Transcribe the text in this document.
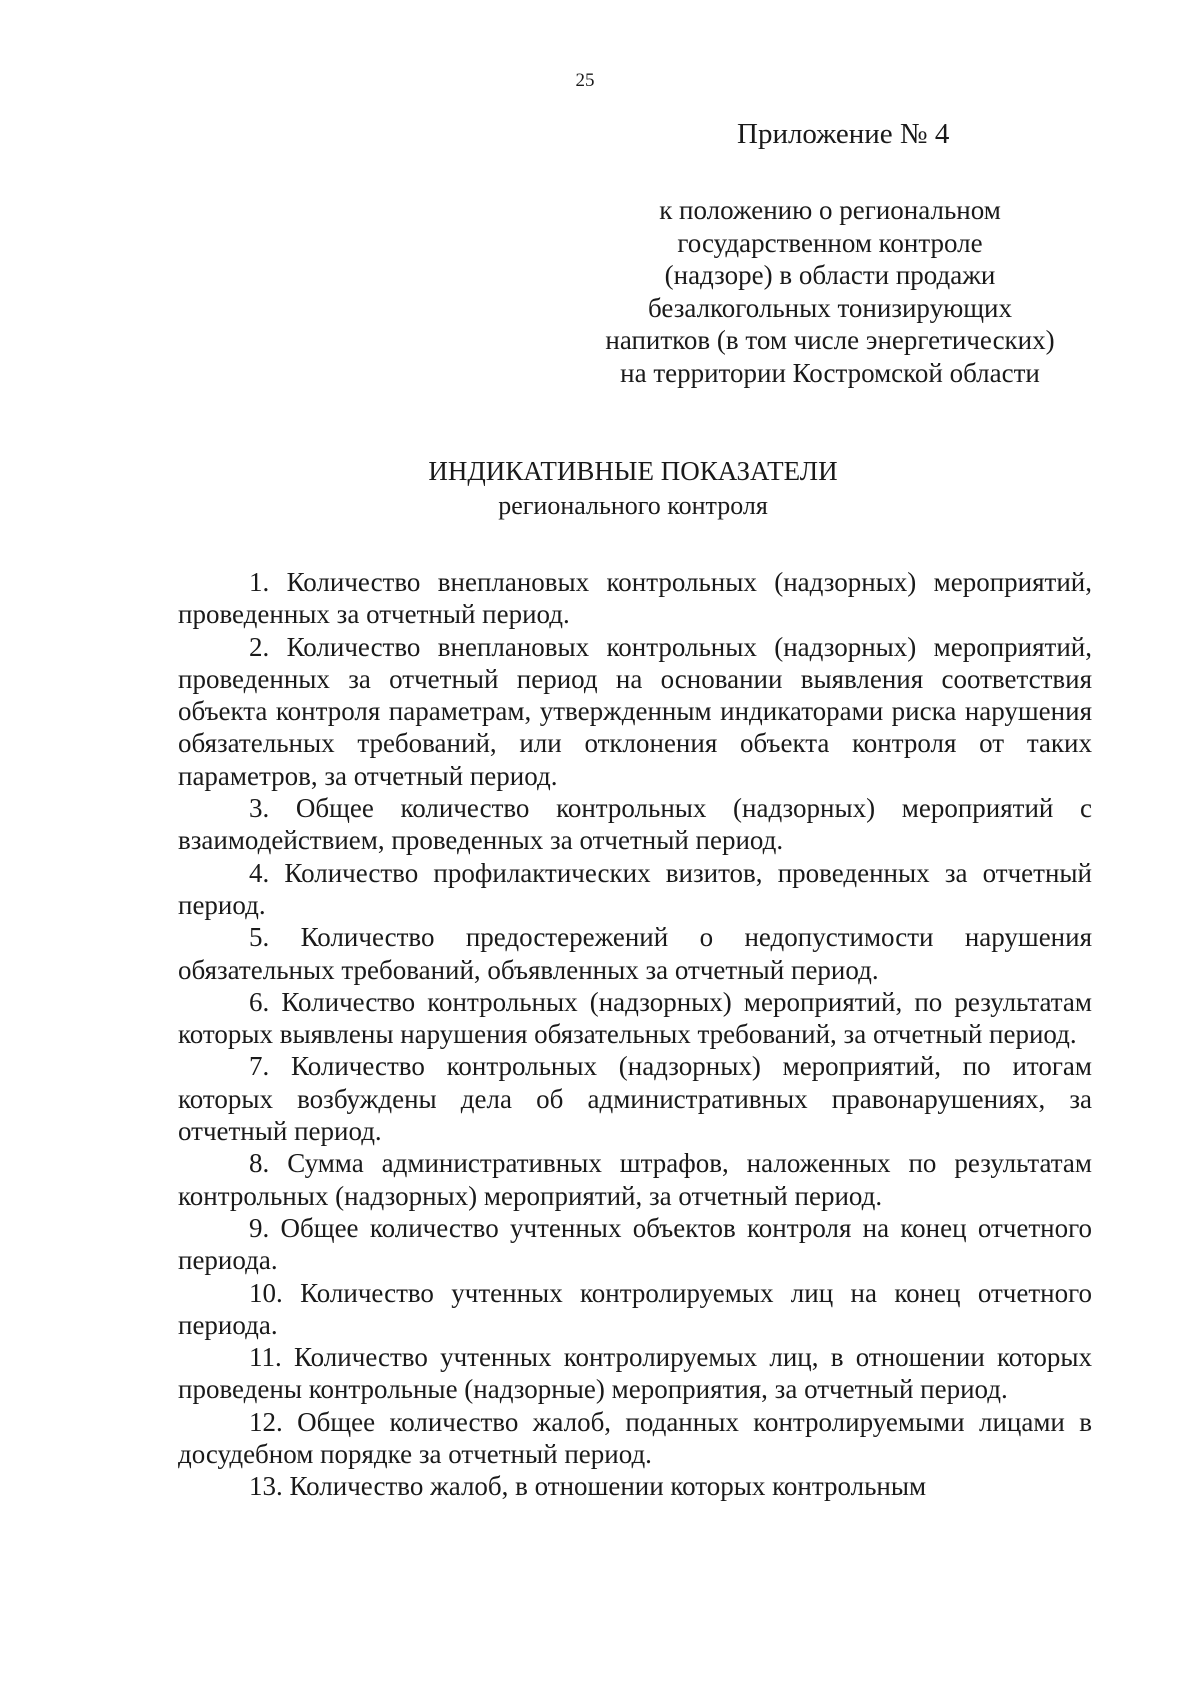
25
Приложение № 4
к положению о региональном
государственном контроле
(надзоре) в области продажи
безалкогольных тонизирующих
напитков (в том числе энергетических)
на территории Костромской области
ИНДИКАТИВНЫЕ ПОКАЗАТЕЛИ
регионального контроля

1. Количество внеплановых контрольных (надзорных) мероприятий, проведенных за отчетный период.

2. Количество внеплановых контрольных (надзорных) мероприятий, проведенных за отчетный период на основании выявления соответствия объекта контроля параметрам, утвержденным индикаторами риска нарушения обязательных требований, или отклонения объекта контроля от таких параметров, за отчетный период.

3. Общее количество контрольных (надзорных) мероприятий с взаимодействием, проведенных за отчетный период.

4. Количество профилактических визитов, проведенных за отчетный период.

5. Количество предостережений о недопустимости нарушения обязательных требований, объявленных за отчетный период.

6. Количество контрольных (надзорных) мероприятий, по результатам которых выявлены нарушения обязательных требований, за отчетный период.

7. Количество контрольных (надзорных) мероприятий, по итогам которых возбуждены дела об административных правонарушениях, за отчетный период.

8. Сумма административных штрафов, наложенных по результатам контрольных (надзорных) мероприятий, за отчетный период.

9. Общее количество учтенных объектов контроля на конец отчетного периода.

10. Количество учтенных контролируемых лиц на конец отчетного периода.

11. Количество учтенных контролируемых лиц, в отношении которых проведены контрольные (надзорные) мероприятия, за отчетный период.

12. Общее количество жалоб, поданных контролируемыми лицами в досудебном порядке за отчетный период.

13. Количество жалоб, в отношении которых контрольным
